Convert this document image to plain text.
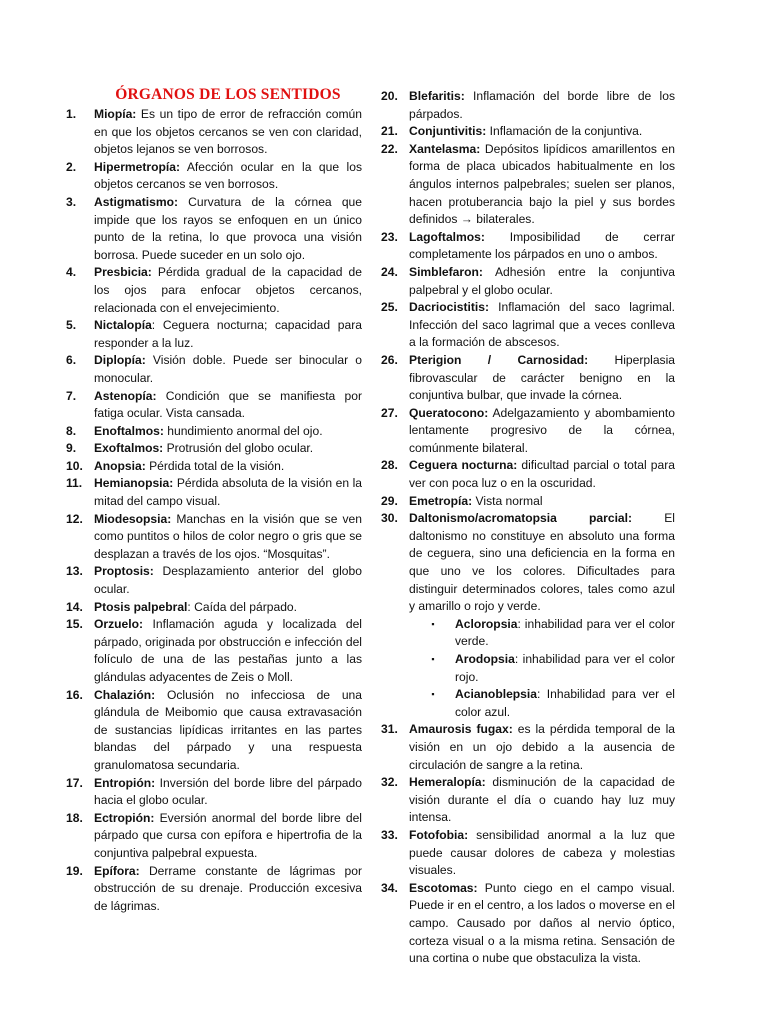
ÓRGANOS DE LOS SENTIDOS
1.	Miopía: Es un tipo de error de refracción común en que los objetos cercanos se ven con claridad, objetos lejanos se ven borrosos.
2.	Hipermetropía: Afección ocular en la que los objetos cercanos se ven borrosos.
3.	Astigmatismo: Curvatura de la córnea que impide que los rayos se enfoquen en un único punto de la retina, lo que provoca una visión borrosa. Puede suceder en un solo ojo.
4.	Presbicia: Pérdida gradual de la capacidad de los ojos para enfocar objetos cercanos, relacionada con el envejecimiento.
5.	Nictalopía: Ceguera nocturna; capacidad para responder a la luz.
6.	Diplopía: Visión doble. Puede ser binocular o monocular.
7.	Astenopía: Condición que se manifiesta por fatiga ocular. Vista cansada.
8.	Enoftalmos: hundimiento anormal del ojo.
9.	Exoftalmos: Protrusión del globo ocular.
10. Anopsia: Pérdida total de la visión.
11. Hemianopsia: Pérdida absoluta de la visión en la mitad del campo visual.
12. Miodesopsia: Manchas en la visión que se ven como puntitos o hilos de color negro o gris que se desplazan a través de los ojos. “Mosquitas”.
13. Proptosis: Desplazamiento anterior del globo ocular.
14. Ptosis palpebral: Caída del párpado.
15. Orzuelo: Inflamación aguda y localizada del párpado, originada por obstrucción e infección del folículo de una de las pestañas junto a las glándulas adyacentes de Zeis o Moll.
16. Chalazión: Oclusión no infecciosa de una glándula de Meibomio que causa extravasación de sustancias lipídicas irritantes en las partes blandas del párpado y una respuesta granulomatosa secundaria.
17. Entropión: Inversión del borde libre del párpado hacia el globo ocular.
18. Ectropión: Eversión anormal del borde libre del párpado que cursa con epífora e hipertrofia de la conjuntiva palpebral expuesta.
19. Epífora: Derrame constante de lágrimas por obstrucción de su drenaje. Producción excesiva de lágrimas.
20. Blefaritis: Inflamación del borde libre de los párpados.
21. Conjuntivitis: Inflamación de la conjuntiva.
22. Xantelasma: Depósitos lipídicos amarillentos en forma de placa ubicados habitualmente en los ángulos internos palpebrales; suelen ser planos, hacen protuberancia bajo la piel y sus bordes definidos → bilaterales.
23. Lagoftalmos: Imposibilidad de cerrar completamente los párpados en uno o ambos.
24. Simblefaron: Adhesión entre la conjuntiva palpebral y el globo ocular.
25. Dacriocistitis: Inflamación del saco lagrimal. Infección del saco lagrimal que a veces conlleva a la formación de abscesos.
26. Pterigion / Carnosidad: Hiperplasia fibrovascular de carácter benigno en la conjuntiva bulbar, que invade la córnea.
27. Queratocono: Adelgazamiento y abombamiento lentamente progresivo de la córnea, comúnmente bilateral.
28. Ceguera nocturna: dificultad parcial o total para ver con poca luz o en la oscuridad.
29. Emetropía: Vista normal
30. Daltonismo/acromatopsia parcial: El daltonismo no constituye en absoluto una forma de ceguera, sino una deficiencia en la forma en que uno ve los colores. Dificultades para distinguir determinados colores, tales como azul y amarillo o rojo y verde.
▪	Acloropsia: inhabilidad para ver el color verde.
▪	Arodopsia: inhabilidad para ver el color rojo.
▪	Acianoblepsia: Inhabilidad para ver el color azul.
31. Amaurosis fugax: es la pérdida temporal de la visión en un ojo debido a la ausencia de circulación de sangre a la retina.
32. Hemeralopía: disminución de la capacidad de visión durante el día o cuando hay luz muy intensa.
33. Fotofobia: sensibilidad anormal a la luz que puede causar dolores de cabeza y molestias visuales.
34. Escotomas: Punto ciego en el campo visual. Puede ir en el centro, a los lados o moverse en el campo. Causado por daños al nervio óptico, corteza visual o a la misma retina. Sensación de una cortina o nube que obstaculiza la vista.
